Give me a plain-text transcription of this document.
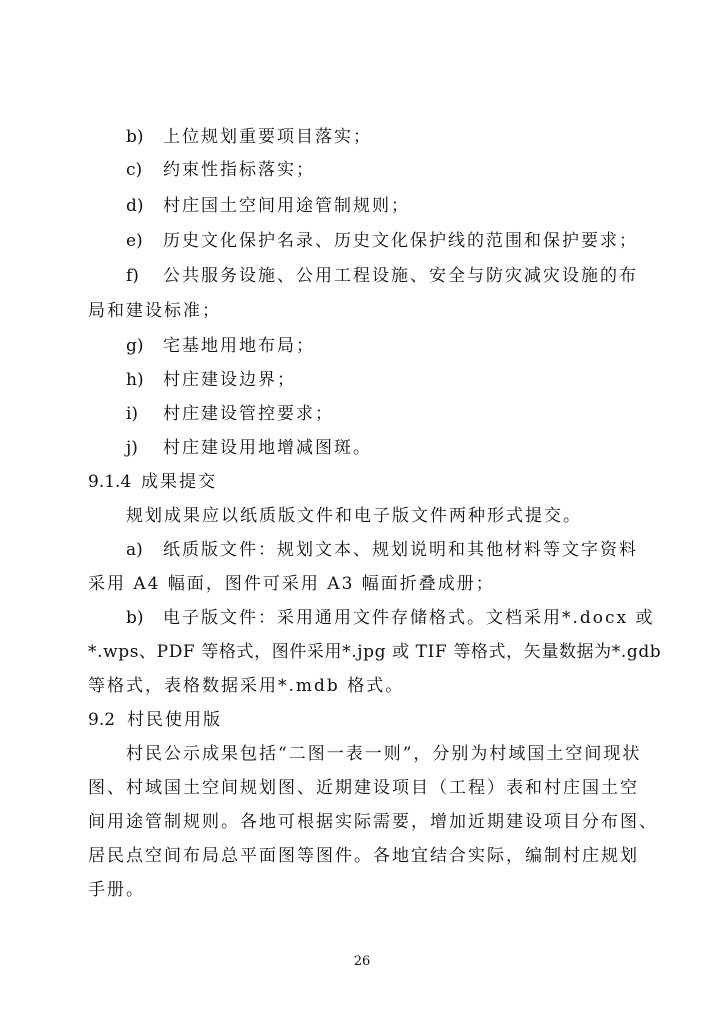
b) 上位规划重要项目落实；
c) 约束性指标落实；
d) 村庄国土空间用途管制规则；
e) 历史文化保护名录、历史文化保护线的范围和保护要求；
f) 公共服务设施、公用工程设施、安全与防灾减灾设施的布
局和建设标准；
g) 宅基地用地布局；
h) 村庄建设边界；
i) 村庄建设管控要求；
j) 村庄建设用地增减图斑。
9.1.4 成果提交
规划成果应以纸质版文件和电子版文件两种形式提交。
a) 纸质版文件：规划文本、规划说明和其他材料等文字资料
采用 A4 幅面，图件可采用 A3 幅面折叠成册；
b) 电子版文件：采用通用文件存储格式。文档采用*.docx 或
*.wps、PDF 等格式，图件采用*.jpg 或 TIF 等格式，矢量数据为*.gdb
等格式，表格数据采用*.mdb 格式。
9.2 村民使用版
村民公示成果包括“二图一表一则”，分别为村域国土空间现状
图、村域国土空间规划图、近期建设项目（工程）表和村庄国土空
间用途管制规则。各地可根据实际需要，增加近期建设项目分布图、
居民点空间布局总平面图等图件。各地宜结合实际，编制村庄规划
手册。
26
